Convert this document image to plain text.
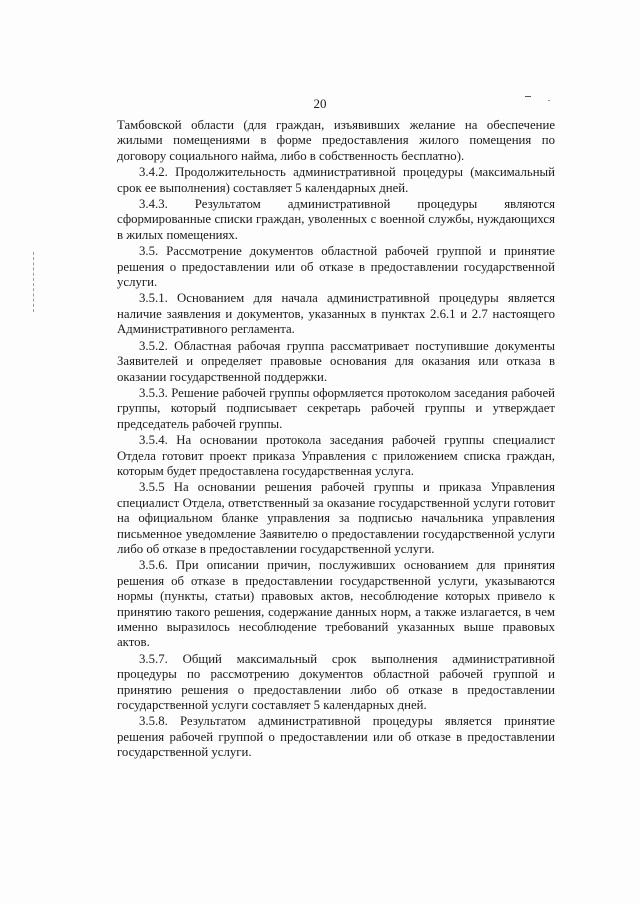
20

Тамбовской области (для граждан, изъявивших желание на обеспечение жилыми помещениями в форме предоставления жилого помещения по договору социального найма, либо в собственность бесплатно).

3.4.2. Продолжительность административной процедуры (максимальный срок ее выполнения) составляет 5 календарных дней.

3.4.3. Результатом административной процедуры являются сформированные списки граждан, уволенных с военной службы, нуждающихся в жилых помещениях.

3.5. Рассмотрение документов областной рабочей группой и принятие решения о предоставлении или об отказе в предоставлении государственной услуги.

3.5.1. Основанием для начала административной процедуры является наличие заявления и документов, указанных в пунктах 2.6.1 и 2.7 настоящего Административного регламента.

3.5.2. Областная рабочая группа рассматривает поступившие документы Заявителей и определяет правовые основания для оказания или отказа в оказании государственной поддержки.

3.5.3. Решение рабочей группы оформляется протоколом заседания рабочей группы, который подписывает секретарь рабочей группы и утверждает председатель рабочей группы.

3.5.4. На основании протокола заседания рабочей группы специалист Отдела готовит проект приказа Управления с приложением списка граждан, которым будет предоставлена государственная услуга.

3.5.5 На основании решения рабочей группы и приказа Управления специалист Отдела, ответственный за оказание государственной услуги готовит на официальном бланке управления за подписью начальника управления письменное уведомление Заявителю о предоставлении государственной услуги либо об отказе в предоставлении государственной услуги.

3.5.6. При описании причин, послуживших основанием для принятия решения об отказе в предоставлении государственной услуги, указываются нормы (пункты, статьи) правовых актов, несоблюдение которых привело к принятию такого решения, содержание данных норм, а также излагается, в чем именно выразилось несоблюдение требований указанных выше правовых актов.

3.5.7. Общий максимальный срок выполнения административной процедуры по рассмотрению документов областной рабочей группой и принятию решения о предоставлении либо об отказе в предоставлении государственной услуги составляет 5 календарных дней.

3.5.8. Результатом административной процедуры является принятие решения рабочей группой о предоставлении или об отказе в предоставлении государственной услуги.
